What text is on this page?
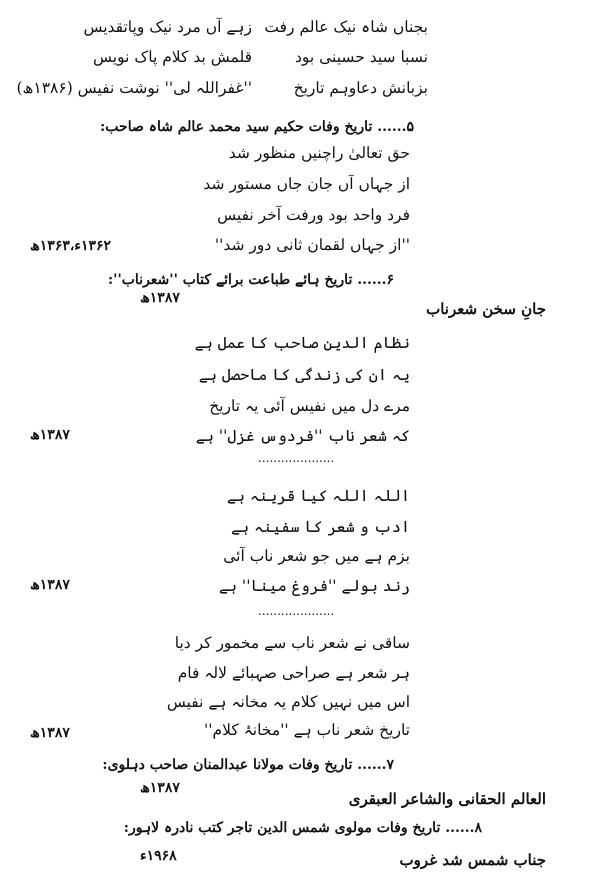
بجناں شاہ نیک عالم رفت
زہے آں مرد نیک وپاتقدیس
نسبا سید حسینی بود
قلمش بد کلام پاک نویس
بزبانش دعاوہم تاریخ
''غفراللہ لی'' نوشت نفیس (۱۳۸۶ھ)
۵...... تاریخ وفات حکیم سید محمد عالم شاہ صاحب:
حق تعالیٰ راچنیں منظور شد
از جہاں آں جان جاں مستور شد
فرد واحد بود ورفت آخر نفیس
''از جہاں لقمان ثانی دور شد''
۱۳۶۲ء،۱۳۶۳ھ
۶...... تاریخ ہائے طباعت برائے کتاب ''شعرناب'':
۱۳۸۷ھ
جانِ سخن شعرناب
نظام الدین صاحب کا عمل ہے
یہ ان کی زندگی کا ماحصل ہے
مرے دل میں نفیس آئی یہ تاریخ
کہ شعر ناب ''فردوس غزل'' ہے
۱۳۸۷ھ
....................
اللہ اللہ کیا قرینہ ہے
ادب و شعر کا سفینہ ہے
بزم ہے میں جو شعر ناب آئی
رند بولے ''فروغ مینا'' ہے
۱۳۸۷ھ
....................
ساقی نے شعر ناب سے مخمور کر دیا
ہر شعر ہے صراحی صہبائے لالہ فام
اس میں نہیں کلام یہ مخانہ ہے نفیس
تاریخ شعر ناب ہے ''مخانۂ کلام''
۱۳۸۷ھ
۷...... تاریخ وفات مولانا عبدالمنان صاحب دہلوی:
۱۳۸۷ھ
العالم الحقانی والشاعر العبقری
۸...... تاریخ وفات مولوی شمس الدین تاجر کتب نادرہ لاہور:
۱۹۶۸ء	جناب شمس شد غروب
